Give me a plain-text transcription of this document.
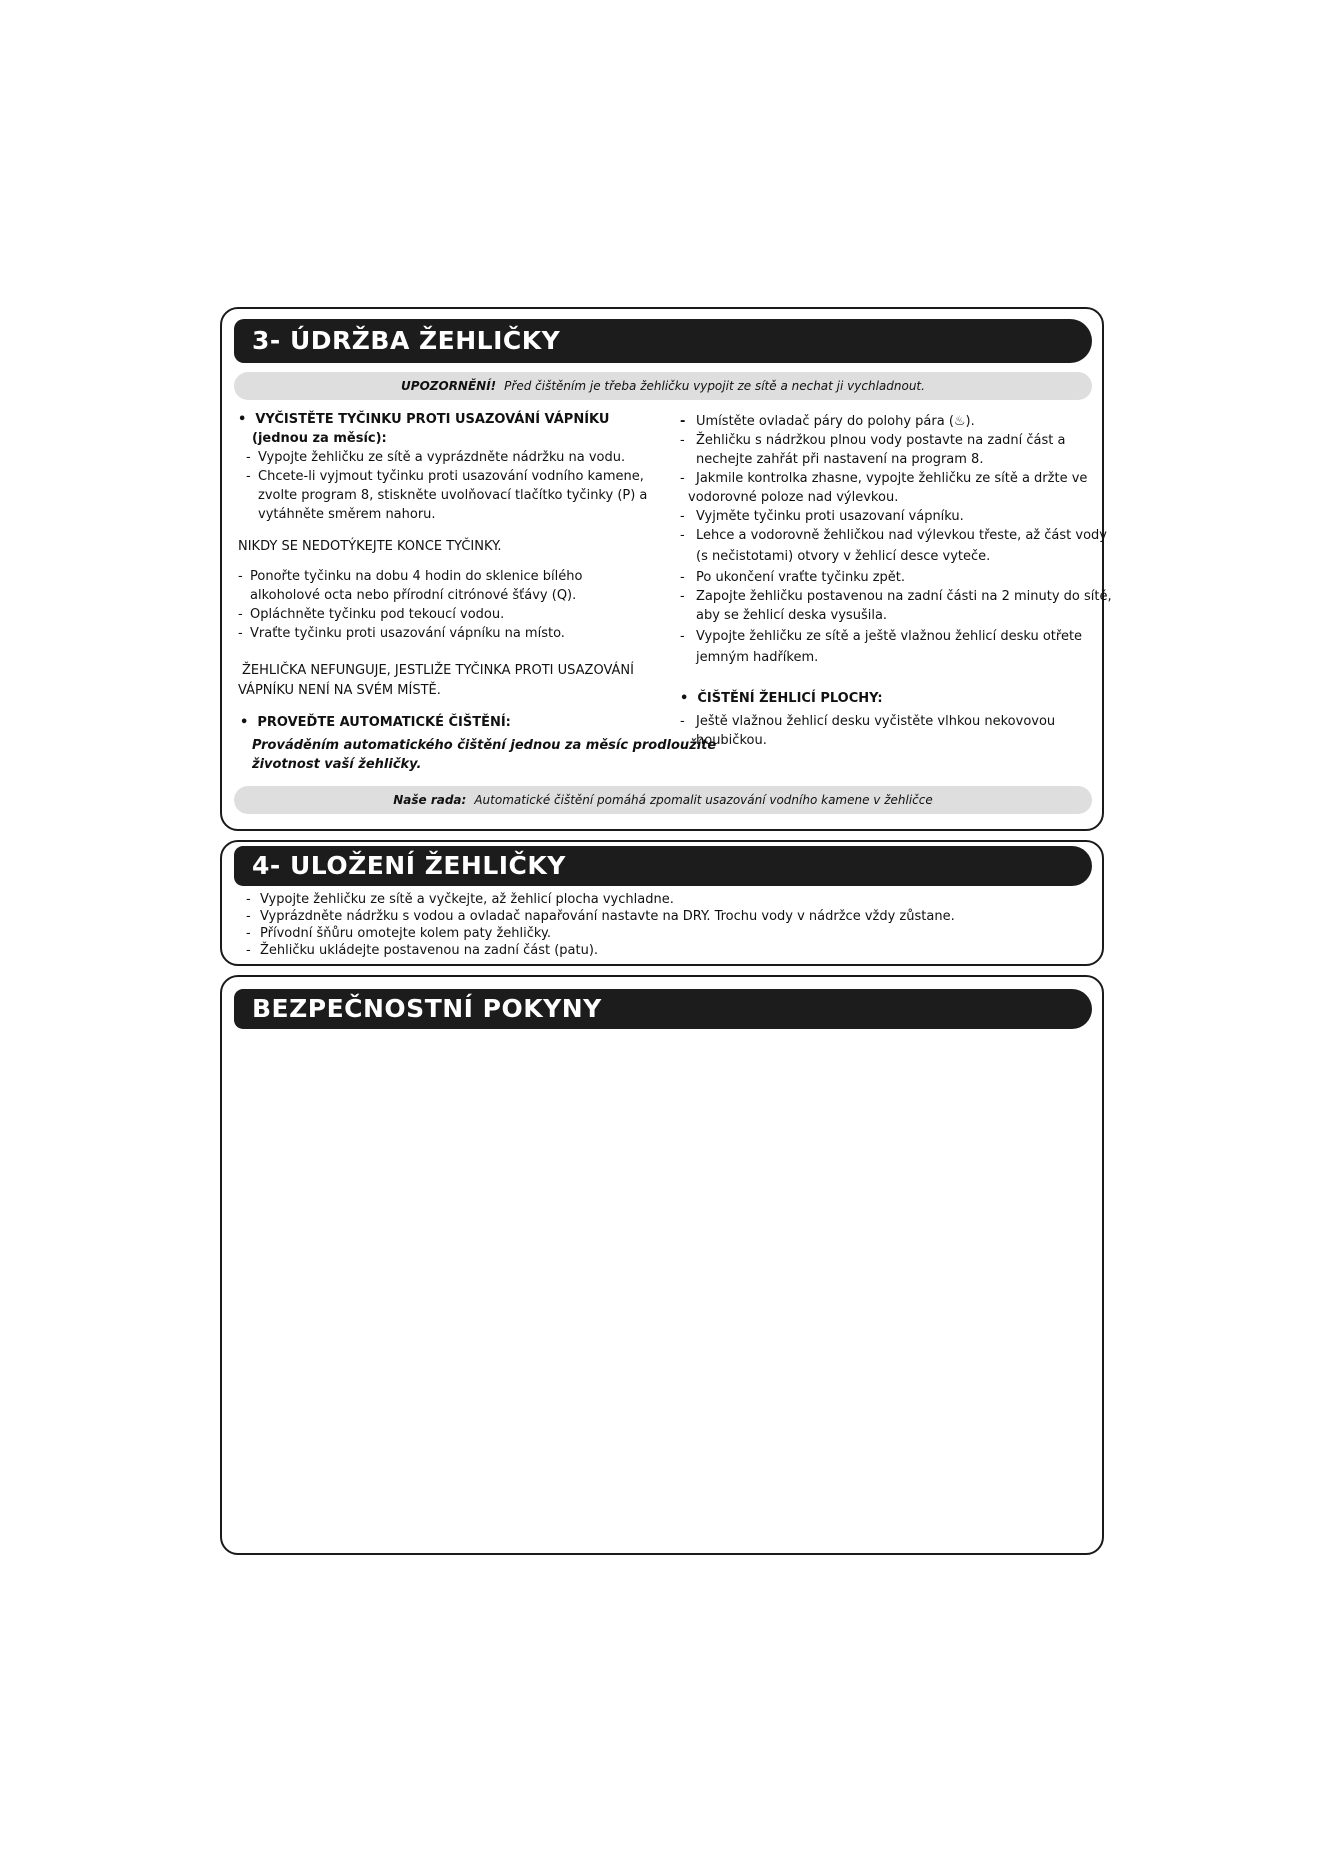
3- ÚDRŽBA ŽEHLIČKY
UPOZORNĚNÍ! Před čištěním je třeba žehličku vypojit ze sítě a nechat ji vychladnout.
• VYČISTĚTE TYČINKU PROTI USAZOVÁNÍ VÁPNÍKU
(jednou za měsíc):
- Vypojte žehličku ze sítě a vyprázdněte nádržku na vodu.
- Chcete-li vyjmout tyčinku proti usazování vodního kamene,
zvolte program 8, stiskněte uvolňovací tlačítko tyčinky (P) a
vytáhněte směrem nahoru.
NIKDY SE NEDOTÝKEJTE KONCE TYČINKY.
- Ponořte tyčinku na dobu 4 hodin do sklenice bílého
alkoholové octa nebo přírodní citrónové šťávy (Q).
- Opláchněte tyčinku pod tekoucí vodou.
- Vraťte tyčinku proti usazování vápníku na místo.
ŽEHLIČKA NEFUNGUJE, JESTLIŽE TYČINKA PROTI USAZOVÁNÍ
VÁPNÍKU NENÍ NA SVÉM MÍSTĚ.
• PROVEĎTE AUTOMATICKÉ ČIŠTĚNÍ:
Prováděním automatického čištění jednou za měsíc prodloužíte
životnost vaší žehličky.
- Umístěte ovladač páry do polohy pára (♨).
- Žehličku s nádržkou plnou vody postavte na zadní část a
nechejte zahřát při nastavení na program 8.
- Jakmile kontrolka zhasne, vypojte žehličku ze sítě a držte ve
vodorovné poloze nad výlevkou.
- Vyjměte tyčinku proti usazovaní vápníku.
- Lehce a vodorovně žehličkou nad výlevkou třeste, až část vody
(s nečistotami) otvory v žehlicí desce vyteče.
- Po ukončení vraťte tyčinku zpět.
- Zapojte žehličku postavenou na zadní části na 2 minuty do sítě,
aby se žehlicí deska vysušila.
- Vypojte žehličku ze sítě a ještě vlažnou žehlicí desku otřete
jemným hadříkem.
• ČIŠTĚNÍ ŽEHLICÍ PLOCHY:
- Ještě vlažnou žehlicí desku vyčistěte vlhkou nekovovou
houbičkou.
Naše rada: Automatické čištění pomáhá zpomalit usazování vodního kamene v žehličce
4- ULOŽENÍ ŽEHLIČKY
- Vypojte žehličku ze sítě a vyčkejte, až žehlicí plocha vychladne.
- Vyprázdněte nádržku s vodou a ovladač napařování nastavte na DRY. Trochu vody v nádržce vždy zůstane.
- Přívodní šňůru omotejte kolem paty žehličky.
- Žehličku ukládejte postavenou na zadní část (patu).
BEZPEČNOSTNÍ POKYNY
